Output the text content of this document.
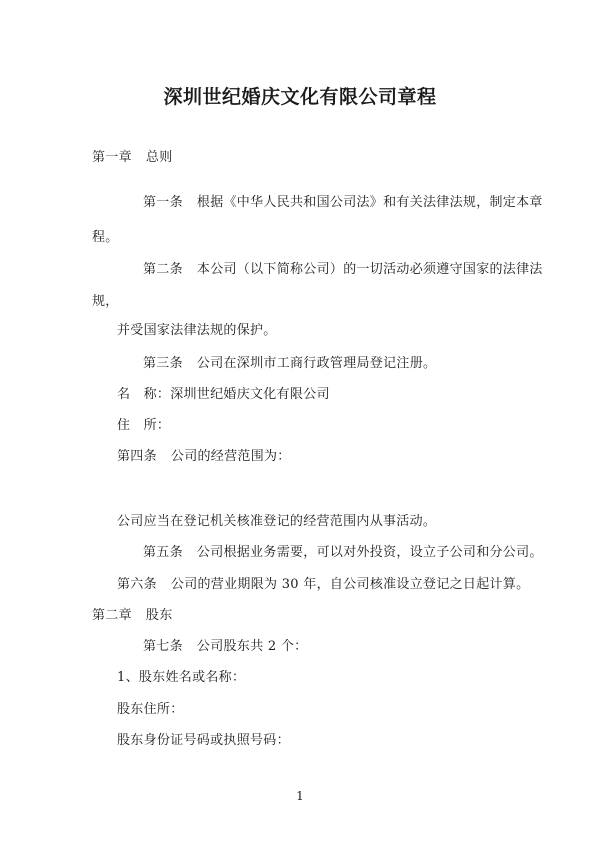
深圳世纪婚庆文化有限公司章程
第一章 总则
第一条 根据《中华人民共和国公司法》和有关法律法规，制定本章
程。
第二条 本公司（以下简称公司）的一切活动必须遵守国家的法律法
规，
并受国家法律法规的保护。
第三条 公司在深圳市工商行政管理局登记注册。
名　称：深圳世纪婚庆文化有限公司
住　所：
第四条 公司的经营范围为：
公司应当在登记机关核准登记的经营范围内从事活动。
第五条 公司根据业务需要，可以对外投资，设立子公司和分公司。
第六条 公司的营业期限为 30 年，自公司核准设立登记之日起计算。
第二章 股东
第七条 公司股东共 2 个：
1、股东姓名或名称：
股东住所：
股东身份证号码或执照号码：
1
